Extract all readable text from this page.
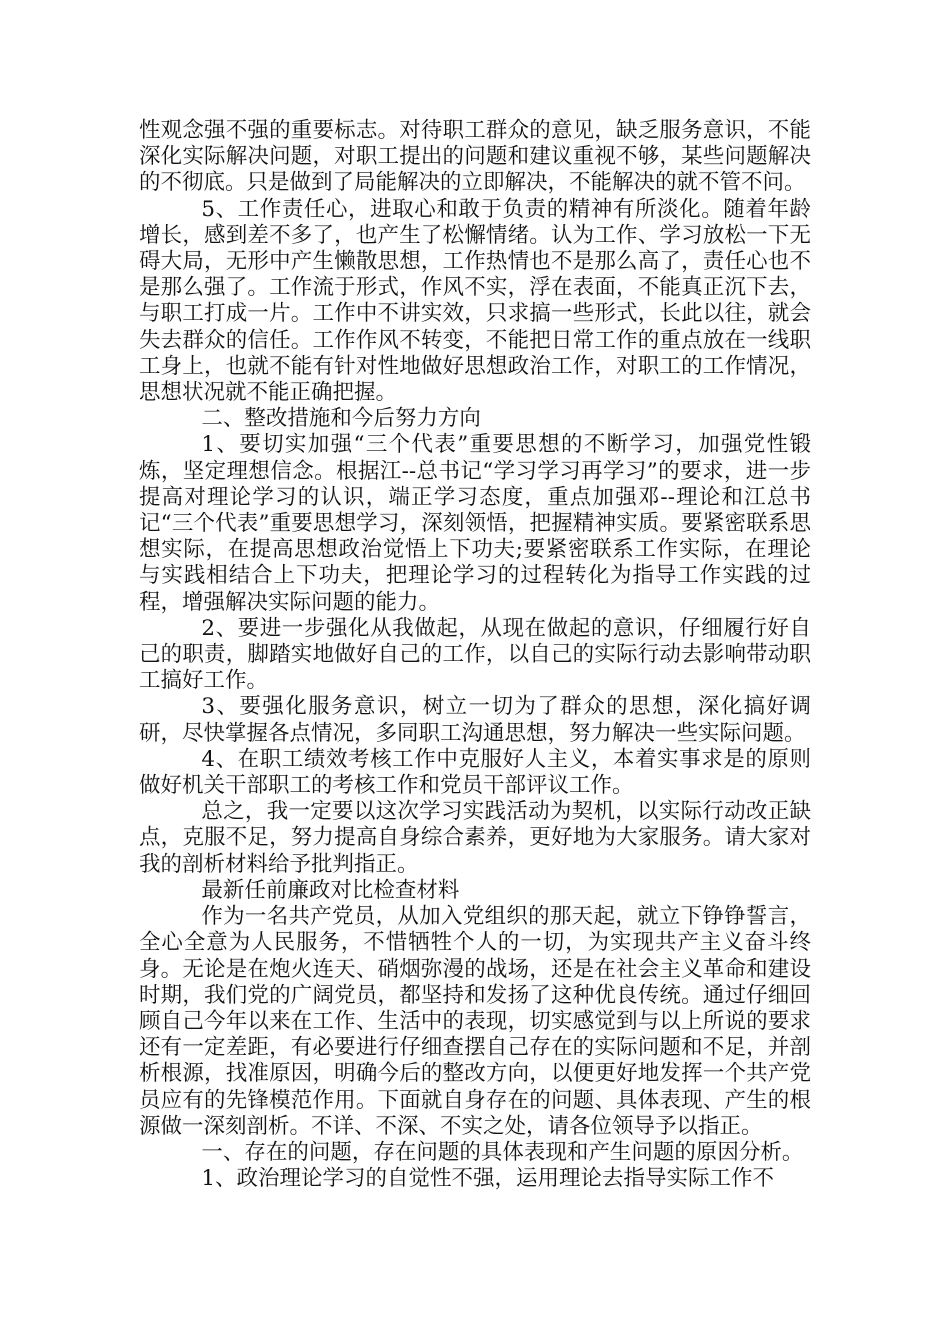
性观念强不强的重要标志。对待职工群众的意见，缺乏服务意识，不能深化实际解决问题，对职工提出的问题和建议重视不够，某些问题解决的不彻底。只是做到了局能解决的立即解决，不能解决的就不管不问。

5、工作责任心，进取心和敢于负责的精神有所淡化。随着年龄增长，感到差不多了，也产生了松懈情绪。认为工作、学习放松一下无碍大局，无形中产生懒散思想，工作热情也不是那么高了，责任心也不是那么强了。工作流于形式，作风不实，浮在表面，不能真正沉下去，与职工打成一片。工作中不讲实效，只求搞一些形式，长此以往，就会失去群众的信任。工作作风不转变，不能把日常工作的重点放在一线职工身上，也就不能有针对性地做好思想政治工作，对职工的工作情况，思想状况就不能正确把握。

二、整改措施和今后努力方向

1、要切实加强“三个代表”重要思想的不断学习，加强党性锻炼，坚定理想信念。根据江--总书记“学习学习再学习”的要求，进一步提高对理论学习的认识，端正学习态度，重点加强邓--理论和江总书记“三个代表”重要思想学习，深刻领悟，把握精神实质。要紧密联系思想实际，在提高思想政治觉悟上下功夫;要紧密联系工作实际，在理论与实践相结合上下功夫，把理论学习的过程转化为指导工作实践的过程，增强解决实际问题的能力。

2、要进一步强化从我做起，从现在做起的意识，仔细履行好自己的职责，脚踏实地做好自己的工作，以自己的实际行动去影响带动职工搞好工作。

3、要强化服务意识，树立一切为了群众的思想，深化搞好调研，尽快掌握各点情况，多同职工沟通思想，努力解决一些实际问题。

4、在职工绩效考核工作中克服好人主义，本着实事求是的原则做好机关干部职工的考核工作和党员干部评议工作。

总之，我一定要以这次学习实践活动为契机，以实际行动改正缺点，克服不足，努力提高自身综合素养，更好地为大家服务。请大家对我的剖析材料给予批判指正。

最新任前廉政对比检查材料

作为一名共产党员，从加入党组织的那天起，就立下铮铮誓言，全心全意为人民服务，不惜牺牲个人的一切，为实现共产主义奋斗终身。无论是在炮火连天、硝烟弥漫的战场，还是在社会主义革命和建设时期，我们党的广阔党员，都坚持和发扬了这种优良传统。通过仔细回顾自己今年以来在工作、生活中的表现，切实感觉到与以上所说的要求还有一定差距，有必要进行仔细查摆自己存在的实际问题和不足，并剖析根源，找准原因，明确今后的整改方向，以便更好地发挥一个共产党员应有的先锋模范作用。下面就自身存在的问题、具体表现、产生的根源做一深刻剖析。不详、不深、不实之处，请各位领导予以指正。

一、存在的问题，存在问题的具体表现和产生问题的原因分析。

1、政治理论学习的自觉性不强，运用理论去指导实际工作不
